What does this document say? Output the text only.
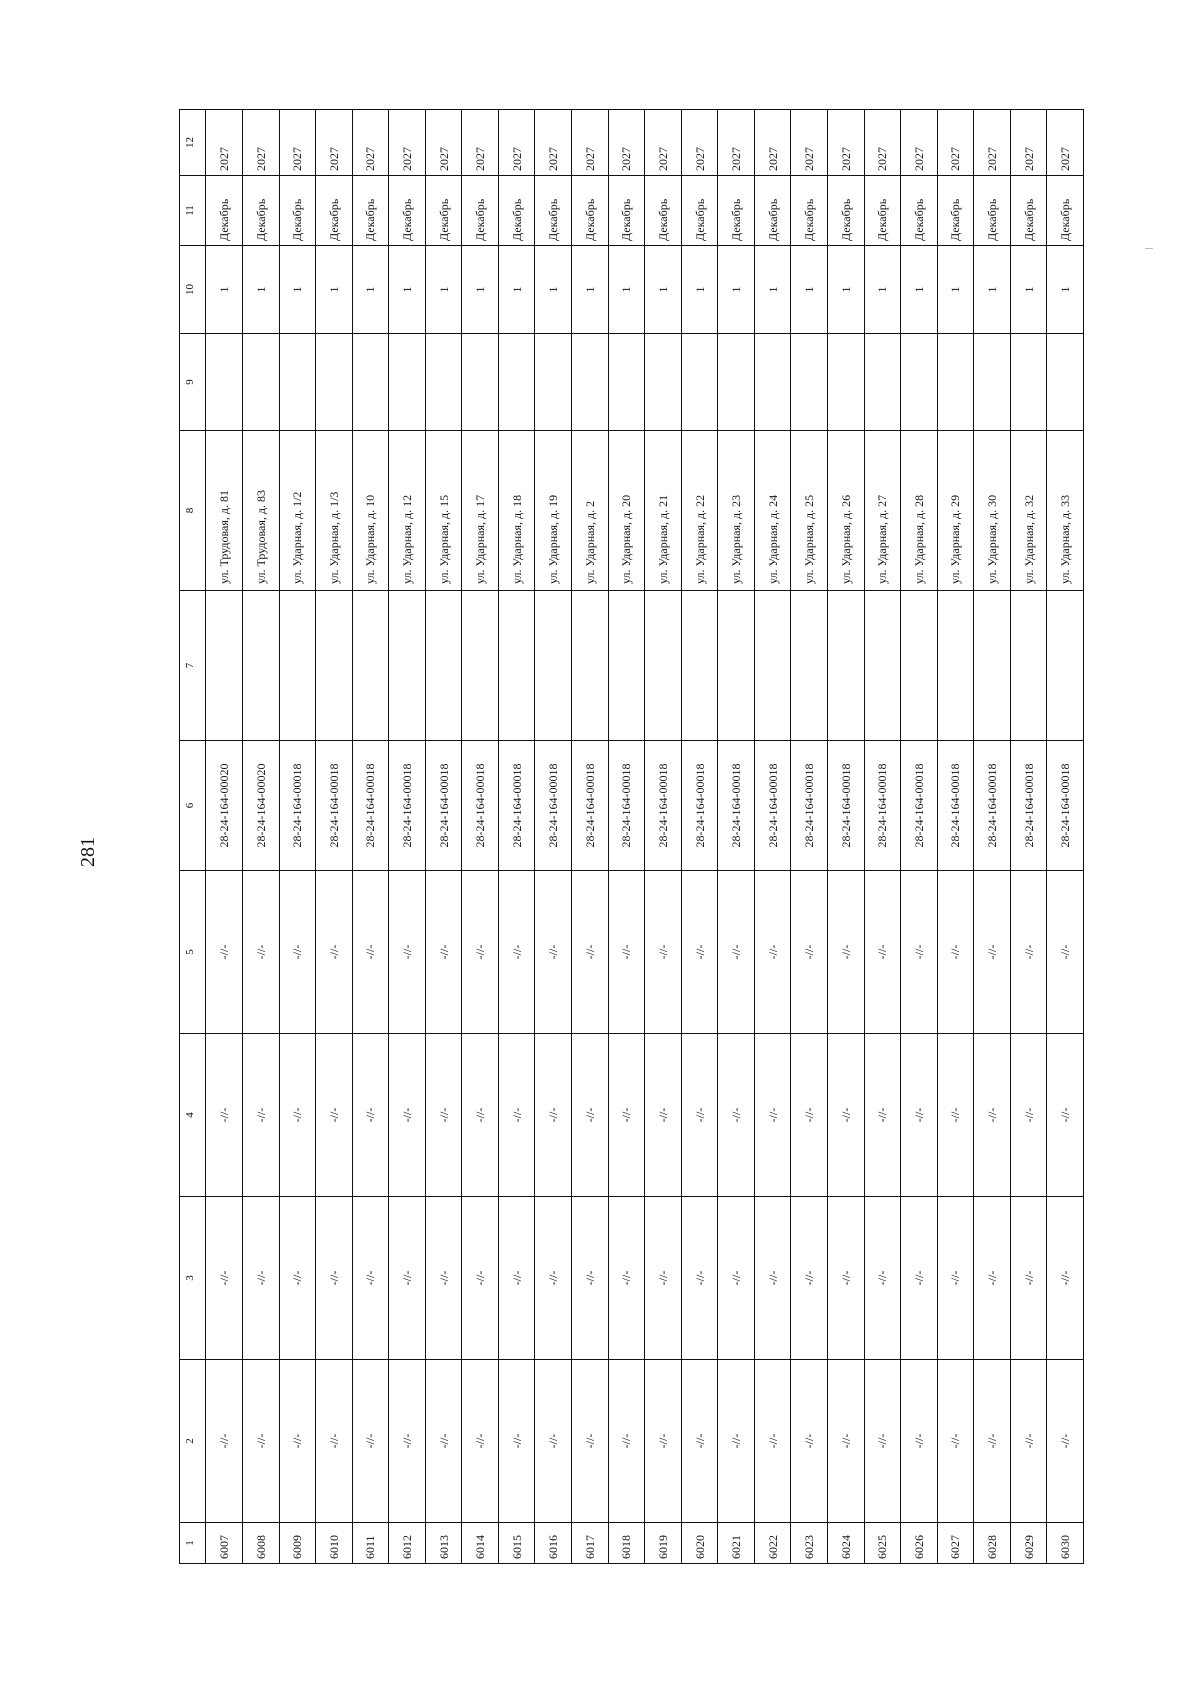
281
1	2	3	4	5	6	7	8	9	10	11	12
6007	-//-	-//-	-//-	-//-	28-24-164-00020		ул. Трудовая, д. 81		1	Декабрь	2027
6008	-//-	-//-	-//-	-//-	28-24-164-00020		ул. Трудовая, д. 83		1	Декабрь	2027
6009	-//-	-//-	-//-	-//-	28-24-164-00018		ул. Ударная, д. 1/2		1	Декабрь	2027
6010	-//-	-//-	-//-	-//-	28-24-164-00018		ул. Ударная, д. 1/3		1	Декабрь	2027
6011	-//-	-//-	-//-	-//-	28-24-164-00018		ул. Ударная, д. 10		1	Декабрь	2027
6012	-//-	-//-	-//-	-//-	28-24-164-00018		ул. Ударная, д. 12		1	Декабрь	2027
6013	-//-	-//-	-//-	-//-	28-24-164-00018		ул. Ударная, д. 15		1	Декабрь	2027
6014	-//-	-//-	-//-	-//-	28-24-164-00018		ул. Ударная, д. 17		1	Декабрь	2027
6015	-//-	-//-	-//-	-//-	28-24-164-00018		ул. Ударная, д. 18		1	Декабрь	2027
6016	-//-	-//-	-//-	-//-	28-24-164-00018		ул. Ударная, д. 19		1	Декабрь	2027
6017	-//-	-//-	-//-	-//-	28-24-164-00018		ул. Ударная, д. 2		1	Декабрь	2027
6018	-//-	-//-	-//-	-//-	28-24-164-00018		ул. Ударная, д. 20		1	Декабрь	2027
6019	-//-	-//-	-//-	-//-	28-24-164-00018		ул. Ударная, д. 21		1	Декабрь	2027
6020	-//-	-//-	-//-	-//-	28-24-164-00018		ул. Ударная, д. 22		1	Декабрь	2027
6021	-//-	-//-	-//-	-//-	28-24-164-00018		ул. Ударная, д. 23		1	Декабрь	2027
6022	-//-	-//-	-//-	-//-	28-24-164-00018		ул. Ударная, д. 24		1	Декабрь	2027
6023	-//-	-//-	-//-	-//-	28-24-164-00018		ул. Ударная, д. 25		1	Декабрь	2027
6024	-//-	-//-	-//-	-//-	28-24-164-00018		ул. Ударная, д. 26		1	Декабрь	2027
6025	-//-	-//-	-//-	-//-	28-24-164-00018		ул. Ударная, д. 27		1	Декабрь	2027
6026	-//-	-//-	-//-	-//-	28-24-164-00018		ул. Ударная, д. 28		1	Декабрь	2027
6027	-//-	-//-	-//-	-//-	28-24-164-00018		ул. Ударная, д. 29		1	Декабрь	2027
6028	-//-	-//-	-//-	-//-	28-24-164-00018		ул. Ударная, д. 30		1	Декабрь	2027
6029	-//-	-//-	-//-	-//-	28-24-164-00018		ул. Ударная, д. 32		1	Декабрь	2027
6030	-//-	-//-	-//-	-//-	28-24-164-00018		ул. Ударная, д. 33		1	Декабрь	2027
